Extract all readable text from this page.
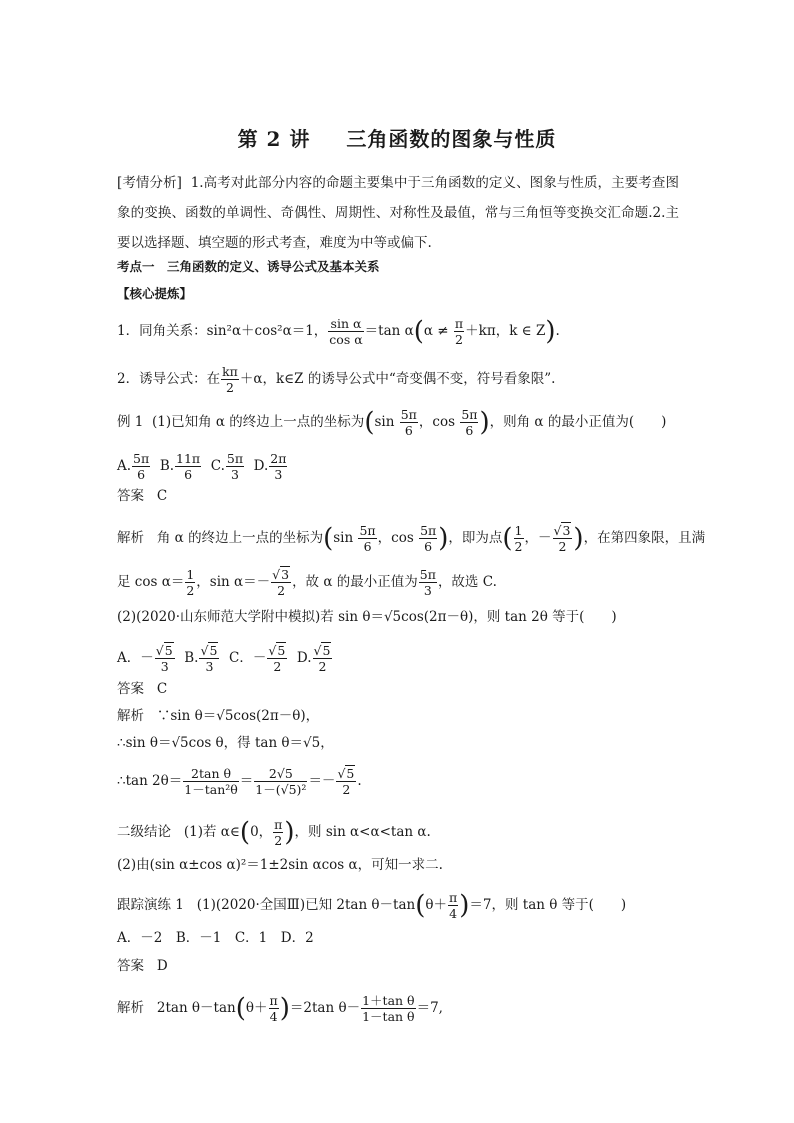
第 2 讲 三角函数的图象与性质
[考情分析] 1.高考对此部分内容的命题主要集中于三角函数的定义、图象与性质，主要考查图象的变换、函数的单调性、奇偶性、周期性、对称性及最值，常与三角恒等变换交汇命题.2.主要以选择题、填空题的形式考查，难度为中等或偏下.
考点一　三角函数的定义、诱导公式及基本关系
【核心提炼】
1．同角关系：sin²α＋cos²α＝1， $\frac{\text{sin α}}{\text{cos α}} =\tan$ $\alpha(\alpha \ne \frac{\pi}{2} +k\pi$，k ∈ Z).
2．诱导公式：在 $\frac{k\pi}{2} +\alpha$，k∈Z 的诱导公式中“奇变偶不变，符号看象限”.
例 1 (1)已知角 α 的终边上一点的坐标为($\sin \frac{5\pi}{6}$ ，$\cos \frac{5\pi}{6}$ )，则角 α 的最小正值为(　　)
A. $\frac{5\pi}{6} B$. $\frac{11\pi}{6} C$. $\frac{5\pi}{3} D$. $\frac{2\pi}{3}$
答案 C
解析 角 α 的终边上一点的坐标为($\sin \frac{5\pi}{6}$ ，$\cos \frac{5\pi}{6}$ )，即为点( $\frac{1}{2}$ ，－ $\frac{√3}{2}$ )，在第四象限，且满
足 $\cos \alpha= \frac{1}{2}$ ，$\sin \alpha=- \frac{√3}{2}$ ，故 α 的最小正值为 $\frac{5\pi}{3}$ ，故选 C.
(2)(2020·山东师范大学附中模拟)若 sin θ＝√5cos(2π－θ)，则 tan 2θ 等于(　　)
A．－ $\frac{√5}{3} B$. $\frac{√5}{3}$ C．－ $\frac{√5}{2} D$. $\frac{√5}{2}$
答案 C
解析 ∵sin θ＝√5cos(2π－θ)，
∴sin θ＝√5cos θ，得 tan θ＝√5，
∴tan $2\theta= \frac{\text{2tan θ}}{\text{1－tan²θ}} = \frac{2√5}{\text{1－(√5)²}} =- \frac{√5}{2}$ .
二级结论 (1)若 α∈(0， $\frac{\pi}{2}$ )，则 sin α<α<tan α.
(2)由(sin α±cos α)²＝1±2sin αcos α，可知一求二.
跟踪演练 1 (1)(2020·全国Ⅲ)已知 2tan $\theta-\tan(\theta+ \frac{\pi}{4} )=7$，则 tan θ 等于(　　)
A．－2　B．－1　C．1　D．2
答案 D
解析 2tan $\theta-\tan(\theta+ \frac{\pi}{4} )=2\tan$ $\theta- \frac{\text{1＋tan θ}}{\text{1－tan θ}} =7$,
